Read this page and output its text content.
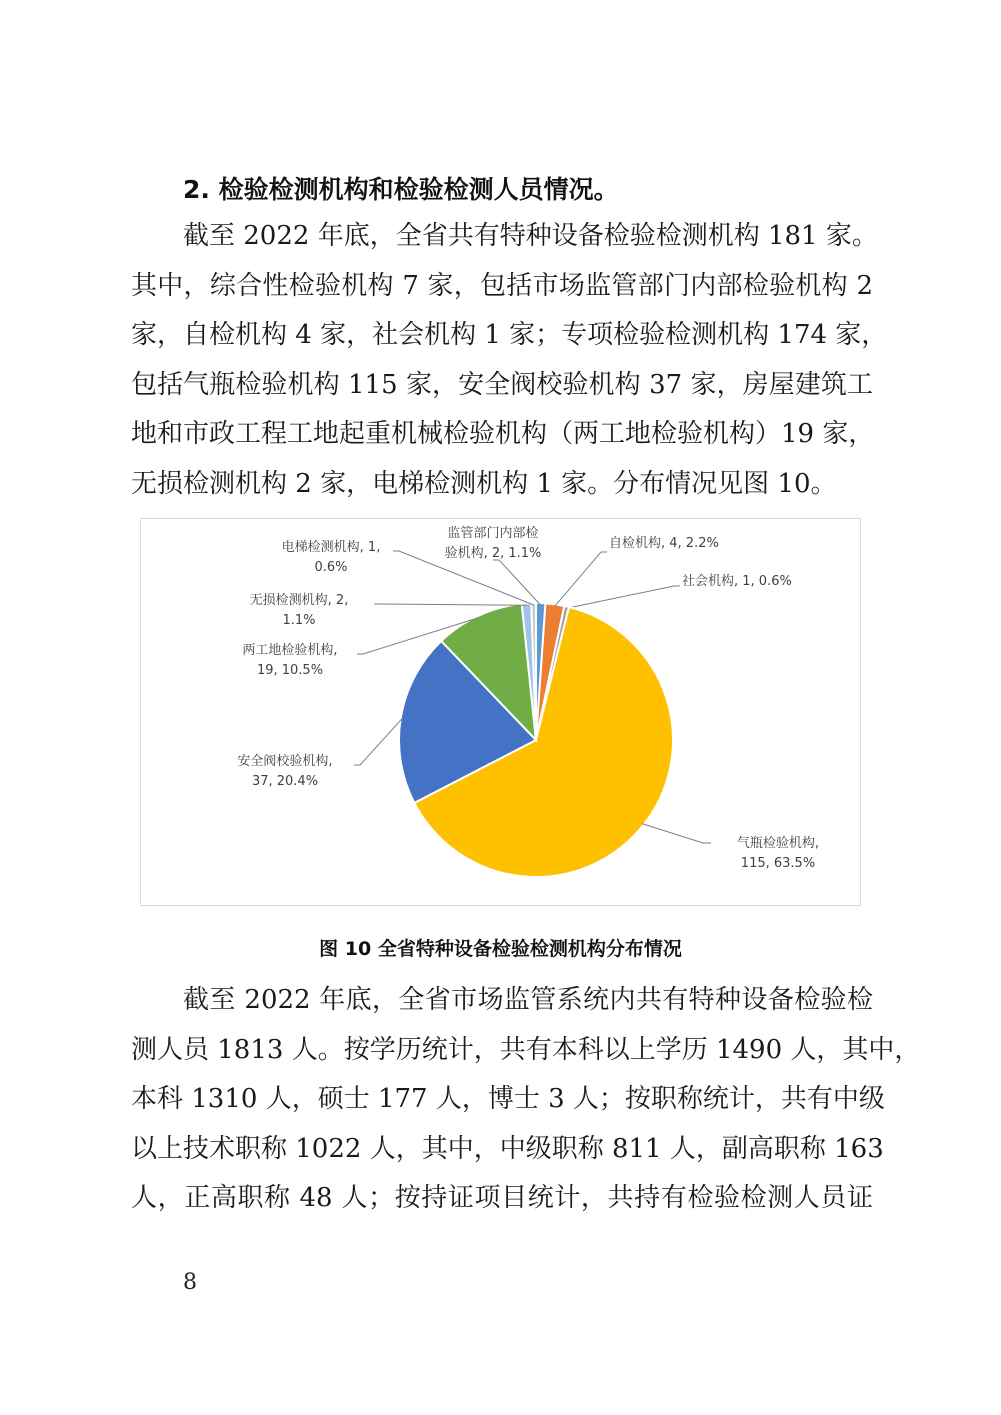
2. 检验检测机构和检验检测人员情况。
截至 2022 年底，全省共有特种设备检验检测机构 181 家。
其中，综合性检验机构 7 家，包括市场监管部门内部检验机构 2
家，自检机构 4 家，社会机构 1 家；专项检验检测机构 174 家，
包括气瓶检验机构 115 家，安全阀校验机构 37 家，房屋建筑工
地和市政工程工地起重机械检验机构（两工地检验机构）19 家，
无损检测机构 2 家，电梯检测机构 1 家。分布情况见图 10。
监管部门内部检验机构, 2, 1.1%
自检机构, 4, 2.2%
社会机构, 1, 0.6%
气瓶检验机构, 115, 63.5%
安全阀校验机构, 37, 20.4%
两工地检验机构, 19, 10.5%
无损检测机构, 2, 1.1%
电梯检测机构, 1, 0.6%
图 10 全省特种设备检验检测机构分布情况
截至 2022 年底，全省市场监管系统内共有特种设备检验检
测人员 1813 人。按学历统计，共有本科以上学历 1490 人，其中，
本科 1310 人，硕士 177 人，博士 3 人；按职称统计，共有中级
以上技术职称 1022 人，其中，中级职称 811 人，副高职称 163
人，正高职称 48 人；按持证项目统计，共持有检验检测人员证
8
